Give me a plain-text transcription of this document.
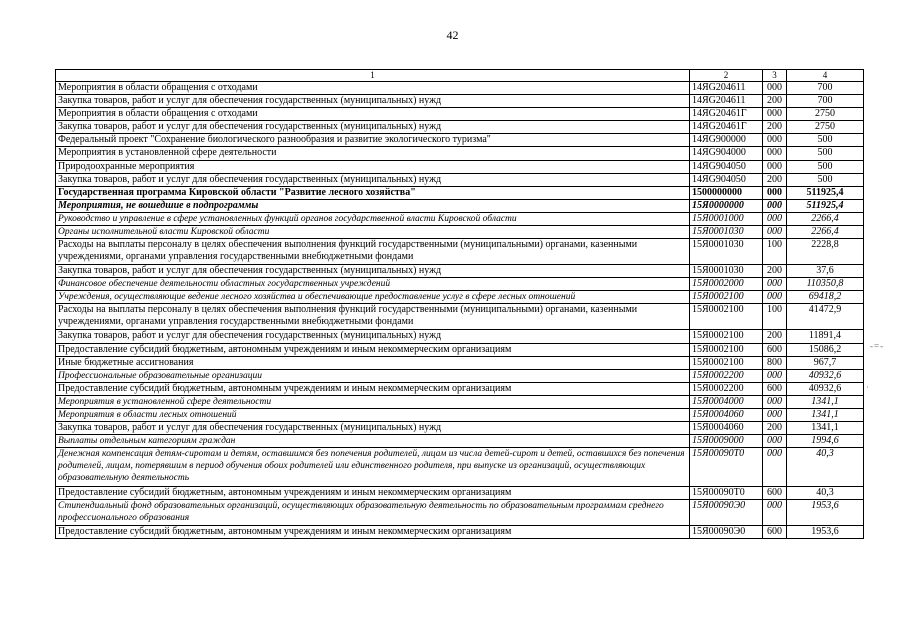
42
1	2	3	4
Мероприятия в области обращения с отходами	14ЯG204611	000	700
Закупка товаров, работ и услуг для обеспечения государственных (муниципальных) нужд	14ЯG204611	200	700
Мероприятия в области обращения с отходами	14ЯG20461Г	000	2750
Закупка товаров, работ и услуг для обеспечения государственных (муниципальных) нужд	14ЯG20461Г	200	2750
Федеральный проект "Сохранение биологического разнообразия и развитие экологического туризма"	14ЯG900000	000	500
Мероприятия в установленной сфере деятельности	14ЯG904000	000	500
Природоохранные мероприятия	14ЯG904050	000	500
Закупка товаров, работ и услуг для обеспечения государственных (муниципальных) нужд	14ЯG904050	200	500
Государственная программа Кировской области "Развитие лесного хозяйства"	1500000000	000	511925,4
Мероприятия, не вошедшие в подпрограммы	15Я0000000	000	511925,4
Руководство и управление в сфере установленных функций органов государственной власти Кировской области	15Я0001000	000	2266,4
Органы исполнительной власти Кировской области	15Я0001030	000	2266,4
Расходы на выплаты персоналу в целях обеспечения выполнения функций государственными (муниципальными) органами, казенными учреждениями, органами управления государственными внебюджетными фондами	15Я0001030	100	2228,8
Закупка товаров, работ и услуг для обеспечения государственных (муниципальных) нужд	15Я0001030	200	37,6
Финансовое обеспечение деятельности областных государственных учреждений	15Я0002000	000	110350,8
Учреждения, осуществляющие ведение лесного хозяйства и обеспечивающие предоставление услуг в сфере лесных отношений	15Я0002100	000	69418,2
Расходы на выплаты персоналу в целях обеспечения выполнения функций государственными (муниципальными) органами, казенными учреждениями, органами управления государственными внебюджетными фондами	15Я0002100	100	41472,9
Закупка товаров, работ и услуг для обеспечения государственных (муниципальных) нужд	15Я0002100	200	11891,4
Предоставление субсидий бюджетным, автономным учреждениям и иным некоммерческим организациям	15Я0002100	600	15086,2
Иные бюджетные ассигнования	15Я0002100	800	967,7
Профессиональные образовательные организации	15Я0002200	000	40932,6
Предоставление субсидий бюджетным, автономным учреждениям и иным некоммерческим организациям	15Я0002200	600	40932,6
Мероприятия в установленной сфере деятельности	15Я0004000	000	1341,1
Мероприятия в области лесных отношений	15Я0004060	000	1341,1
Закупка товаров, работ и услуг для обеспечения государственных (муниципальных) нужд	15Я0004060	200	1341,1
Выплаты отдельным категориям граждан	15Я0009000	000	1994,6
Денежная компенсация детям-сиротам и детям, оставшимся без попечения родителей, лицам из числа детей-сирот и детей, оставшихся без попечения родителей, лицам, потерявшим в период обучения обоих родителей или единственного родителя, при выпуске из организаций, осуществляющих образовательную деятельность	15Я00090Т0	000	40,3
Предоставление субсидий бюджетным, автономным учреждениям и иным некоммерческим организациям	15Я00090Т0	600	40,3
Стипендиальный фонд образовательных организаций, осуществляющих образовательную деятельность по образовательным программам среднего профессионального образования	15Я00090Э0	000	1953,6
Предоставление субсидий бюджетным, автономным учреждениям и иным некоммерческим организациям	15Я00090Э0	600	1953,6
-=-
˙
